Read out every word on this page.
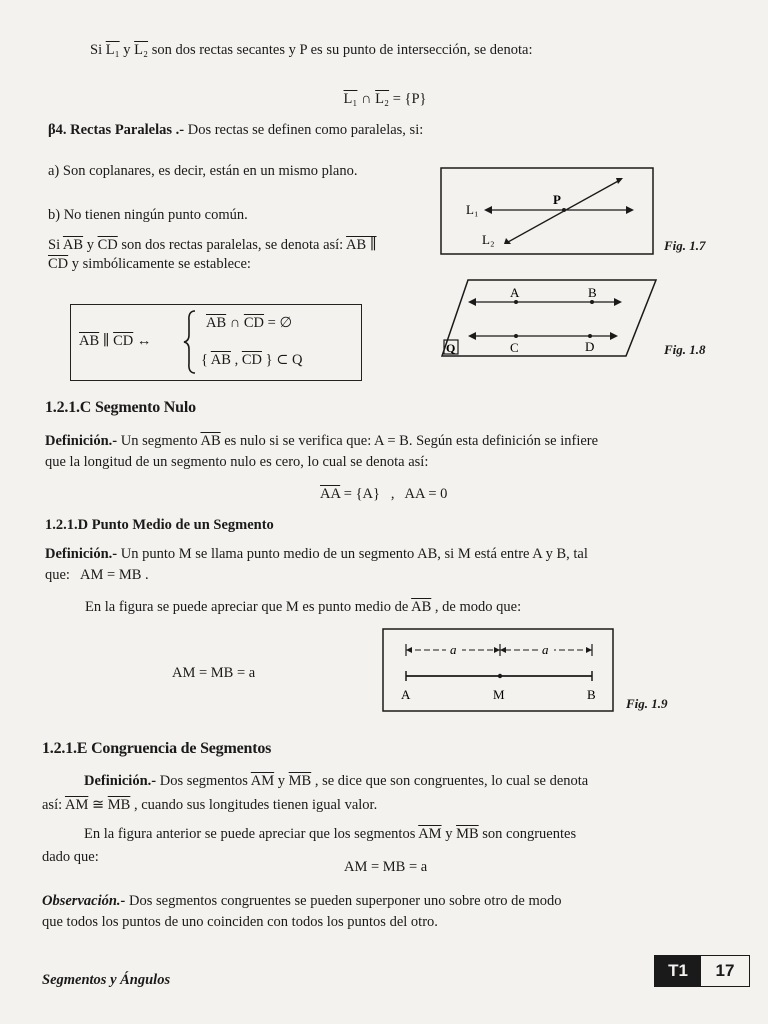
Si L₁ y L₂ son dos rectas secantes y P es su punto de intersección, se denota:
L₁ ∩ L₂ = {P}
β4. Rectas Paralelas .- Dos rectas se definen como paralelas, si:
a) Son coplanares, es decir, están en un mismo plano.
b) No tienen ningún punto común.
Si $\overline{AB}$ y $\overline{CD}$ son dos rectas paralelas, se denota así: AB ∥ CD y simbólicamente se establece:
$\overline{AB}$ ∥ $\overline{CD}$ ↔
$\overline{AB}$ ∩ $\overline{CD}$ = ∅
{ $\overline{AB}$ , $\overline{CD}$ } ⊂ Q
L₁
L₂
P
Fig. 1.7
A	B
C	D
Q	Fig. 1.8
1.2.1.C Segmento Nulo
Definición.- Un segmento $\overline{AB}$ es nulo si se verifica que: A = B. Según esta definición se infiere
que la longitud de un segmento nulo es cero, lo cual se denota así:
$\overline{AA} = \{A\}$   ,   AA = 0
1.2.1.D Punto Medio de un Segmento
Definición.- Un punto M se llama punto medio de un segmento AB, si M está entre A y B, tal
que:   AM = MB .
En la figura se puede apreciar que M es punto medio de $\overline{AB}$ , de modo que:
AM = MB = a
a	a
A	M	B
Fig. 1.9
1.2.1.E Congruencia de Segmentos
Definición.- Dos segmentos $\overline{AM}$ y $\overline{MB}$ , se dice que son congruentes, lo cual se denota
así: $\overline{AM}$ ≅ $\overline{MB}$ , cuando sus longitudes tienen igual valor.
En la figura anterior se puede apreciar que los segmentos $\overline{AM}$ y $\overline{MB}$ son congruentes
dado que:
AM = MB = a
Observación.- Dos segmentos congruentes se pueden superponer uno sobre otro de modo
que todos los puntos de uno coinciden con todos los puntos del otro.
Segmentos y Ángulos	T1	17
